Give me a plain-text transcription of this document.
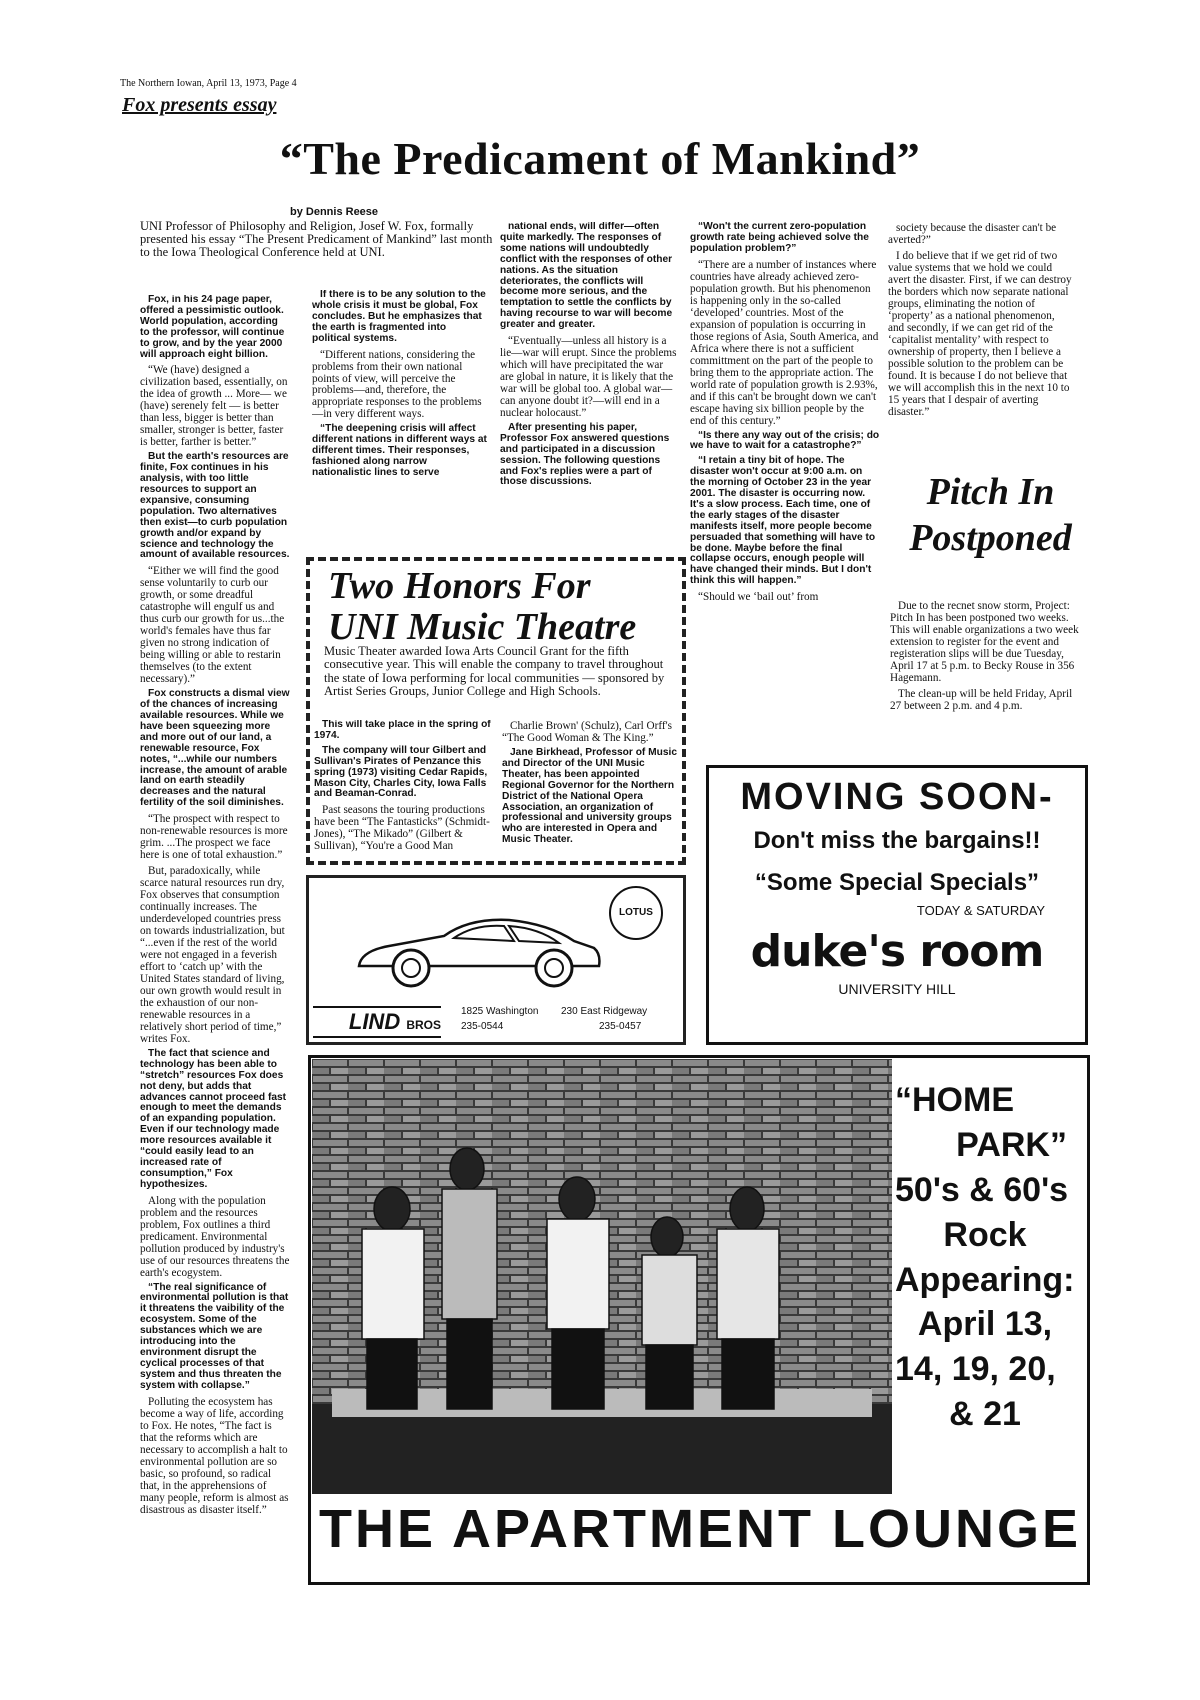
The Northern Iowan, April 13, 1973, Page 4
Fox presents essay
“The Predicament of Mankind”
by Dennis Reese
UNI Professor of Philosophy and Religion, Josef W. Fox, formally presented his essay “The Present Predicament of Mankind” last month to the Iowa Theological Conference held at UNI.

Fox, in his 24 page paper, offered a pessimistic outlook. World population, according to the professor, will continue to grow, and by the year 2000 will approach eight billion.

“We (have) designed a civilization based, essentially, on the idea of growth ... More— we (have) serenely felt — is better than less, bigger is better than smaller, stronger is better, faster is better, farther is better.”

But the earth's resources are finite, Fox continues in his analysis, with too little resources to support an expansive, consuming population. Two alternatives then exist—to curb population growth and/or expand by science and technology the amount of available resources.

“Either we will find the good sense voluntarily to curb our growth, or some dreadful catastrophe will engulf us and thus curb our growth for us...the world's females have thus far given no strong indication of being willing or able to restarin themselves (to the extent necessary).”

Fox constructs a dismal view of the chances of increasing available resources. While we have been squeezing more and more out of our land, a renewable resource, Fox notes, “...while our numbers increase, the amount of arable land on earth steadily decreases and the natural fertility of the soil diminishes.

“The prospect with respect to non-renewable resources is more grim. ...The prospect we face here is one of total exhaustion.”

But, paradoxically, while scarce natural resources run dry, Fox observes that consumption continually increases. The underdeveloped countries press on towards industrialization, but “...even if the rest of the world were not engaged in a feverish effort to ‘catch up’ with the United States standard of living, our own growth would result in the exhaustion of our non-renewable resources in a relatively short period of time,” writes Fox.

The fact that science and technology has been able to “stretch” resources Fox does not deny, but adds that advances cannot proceed fast enough to meet the demands of an expanding population. Even if our technology made more resources available it “could easily lead to an increased rate of consumption,” Fox hypothesizes.

Along with the population problem and the resources problem, Fox outlines a third predicament. Environmental pollution produced by industry's use of our resources threatens the earth's ecogystem.

“The real significance of environmental pollution is that it threatens the vaibility of the ecosystem. Some of the substances which we are introducing into the environment disrupt the cyclical processes of that system and thus threaten the system with collapse.”

Polluting the ecosystem has become a way of life, according to Fox. He notes, “The fact is that the reforms which are necessary to accomplish a halt to environmental pollution are so basic, so profound, so radical that, in the apprehensions of many people, reform is almost as disastrous as disaster itself.”

If there is to be any solution to the whole crisis it must be global, Fox concludes. But he emphasizes that the earth is fragmented into political systems.

“Different nations, considering the problems from their own national points of view, will perceive the problems—and, therefore, the appropriate responses to the problems—in very different ways.

“The deepening crisis will affect different nations in different ways at different times. Their responses, fashioned along narrow nationalistic lines to serve

national ends, will differ—often quite markedly. The responses of some nations will undoubtedly conflict with the responses of other nations. As the situation deteriorates, the conflicts will become more serious, and the temptation to settle the conflicts by having recourse to war will become greater and greater.

“Eventually—unless all history is a lie—war will erupt. Since the problems which will have precipitated the war are global in nature, it is likely that the war will be global too. A global war—can anyone doubt it?—will end in a nuclear holocaust.”

After presenting his paper, Professor Fox answered questions and participated in a discussion session. The following questions and Fox's replies were a part of those discussions.

“Won't the current zero-population growth rate being achieved solve the population problem?”

“There are a number of instances where countries have already achieved zero-population growth. But his phenomenon is happening only in the so-called ‘developed’ countries. Most of the expansion of population is occurring in those regions of Asia, South America, and Africa where there is not a sufficient committment on the part of the people to bring them to the appropriate action. The world rate of population growth is 2.93%, and if this can't be brought down we can't escape having six billion people by the end of this century.”

“Is there any way out of the crisis; do we have to wait for a catastrophe?”

“I retain a tiny bit of hope. The disaster won't occur at 9:00 a.m. on the morning of October 23 in the year 2001. The disaster is occurring now. It's a slow process. Each time, one of the early stages of the disaster manifests itself, more people become persuaded that something will have to be done. Maybe before the final collapse occurs, enough people will have changed their minds. But I don't think this will happen.”

“Should we ‘bail out’ from

society because the disaster can't be averted?”

I do believe that if we get rid of two value systems that we hold we could avert the disaster. First, if we can destroy the borders which now separate national groups, eliminating the notion of ‘property’ as a national phenomenon, and secondly, if we can get rid of the ‘capitalist mentality’ with respect to ownership of property, then I believe a possible solution to the problem can be found. It is because I do not believe that we will accomplish this in the next 10 to 15 years that I despair of averting disaster.”

Pitch In
Postponed

Due to the recnet snow storm, Project: Pitch In has been postponed two weeks. This will enable organizations a two week extension to register for the event and registeration slips will be due Tuesday, April 17 at 5 p.m. to Becky Rouse in 356 Hagemann.

The clean-up will be held Friday, April 27 between 2 p.m. and 4 p.m.

Two Honors For
UNI Music Theatre
Music Theater awarded Iowa Arts Council Grant for the fifth consecutive year. This will enable the company to travel throughout the state of Iowa performing for local communities — sponsored by Artist Series Groups, Junior College and High Schools.

This will take place in the spring of 1974.

The company will tour Gilbert and Sullivan's Pirates of Penzance this spring (1973) visiting Cedar Rapids, Mason City, Charles City, Iowa Falls and Beaman-Conrad.

Past seasons the touring productions have been “The Fantasticks” (Schmidt-Jones), “The Mikado” (Gilbert & Sullivan), “You're a Good Man

Charlie Brown' (Schulz), Carl Orff's “The Good Woman & The King.”

Jane Birkhead, Professor of Music and Director of the UNI Music Theater, has been appointed Regional Governor for the Northern District of the National Opera Association, an organization of professional and university groups who are interested in Opera and Music Theater.

LOTUS
LIND BROS
1825 Washington
235-0544
230 East Ridgeway
235-0457
MOVING SOON-
Don't miss the bargains!!
“Some Special Specials”
TODAY & SATURDAY
duke's room
UNIVERSITY HILL
“HOME
PARK”
50's & 60's
Rock
Appearing:
April 13,
14, 19, 20,
& 21
THE APARTMENT LOUNGE
